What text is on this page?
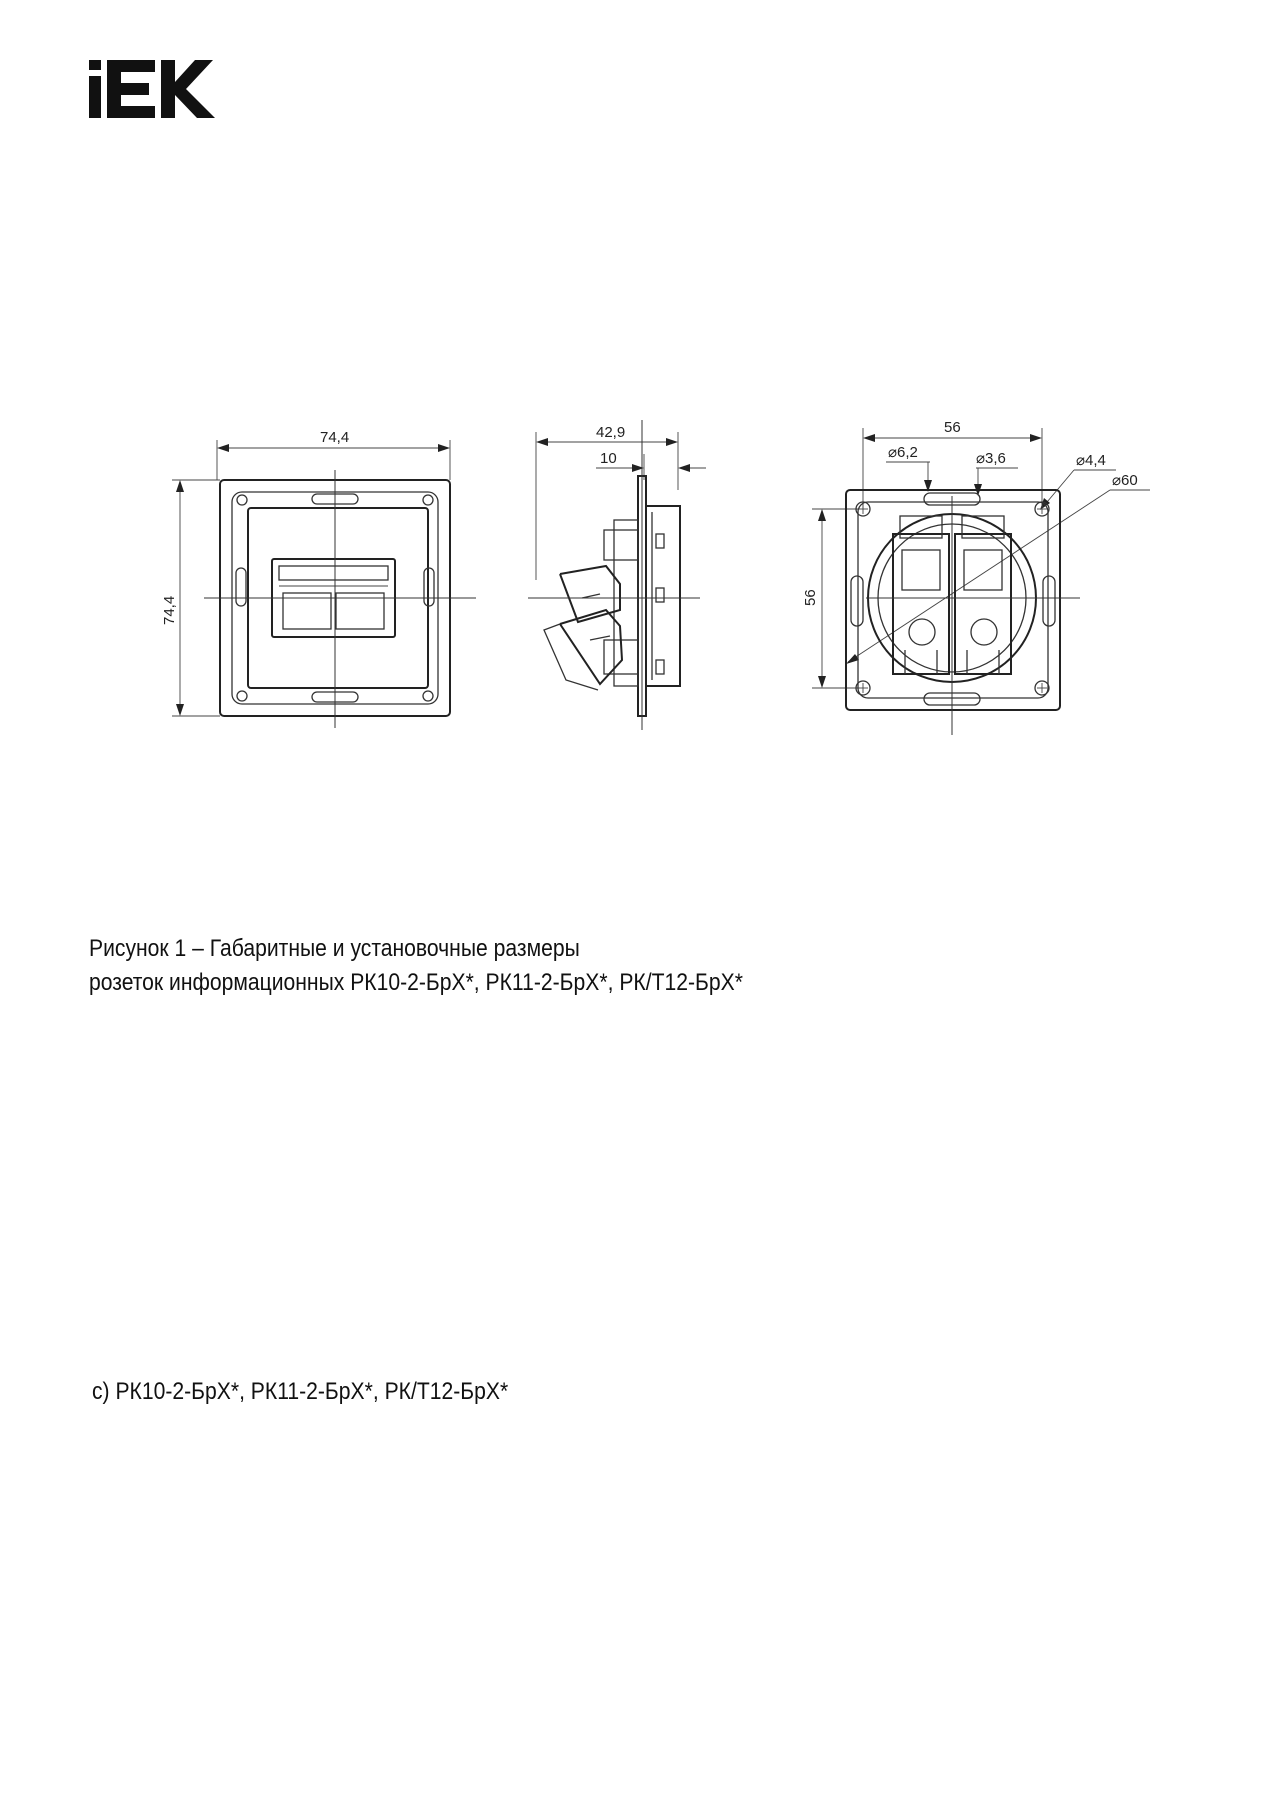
74,4
74,4
42,9
10
56
56
⌀6,2	⌀3,6	⌀4,4
⌀60
Рисунок 1 – Габаритные и установочные размеры
розеток информационных РК10-2-БрХ*, РК11-2-БрХ*, РК/Т12-БрХ*
c) РК10-2-БрХ*, РК11-2-БрХ*, РК/Т12-БрХ*
